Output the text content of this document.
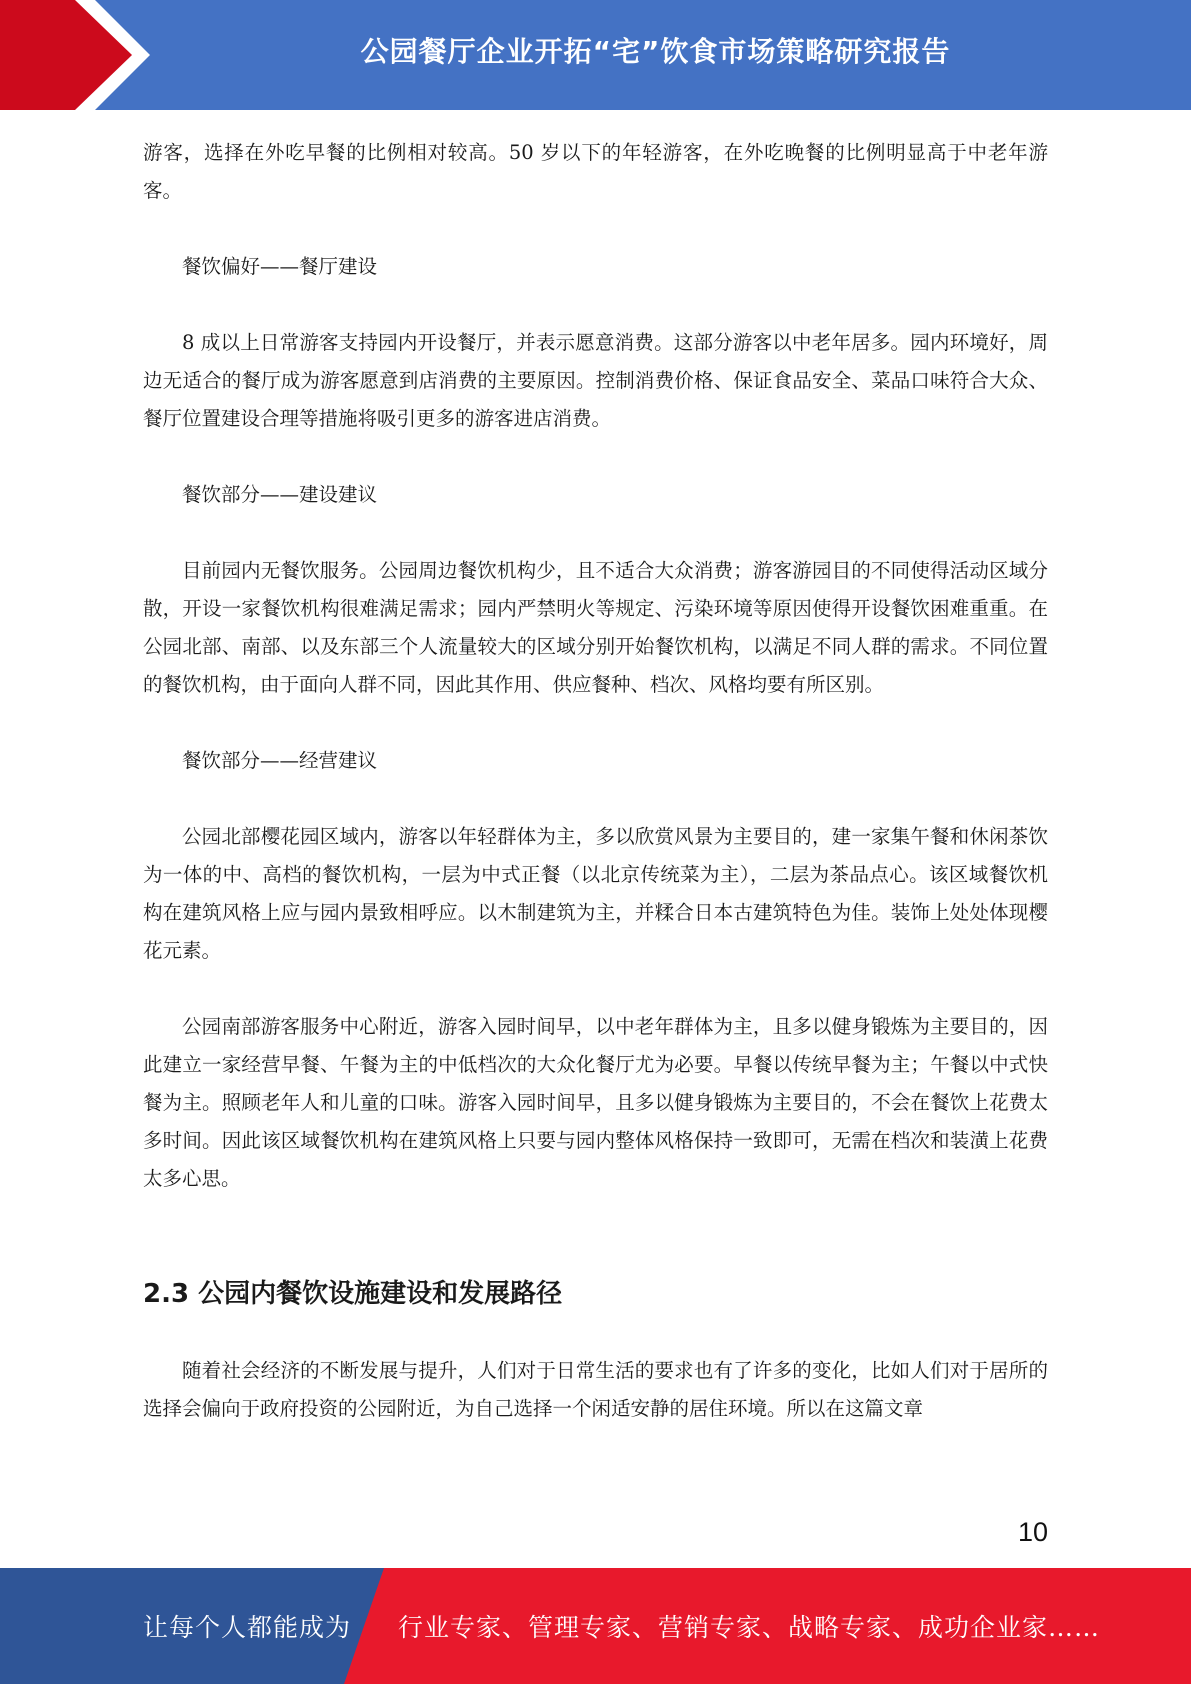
公园餐厅企业开拓“宅”饮食市场策略研究报告

游客，选择在外吃早餐的比例相对较高。50 岁以下的年轻游客，在外吃晚餐的比例明显高于中老年游客。

餐饮偏好——餐厅建设

8 成以上日常游客支持园内开设餐厅，并表示愿意消费。这部分游客以中老年居多。园内环境好，周边无适合的餐厅成为游客愿意到店消费的主要原因。控制消费价格、保证食品安全、菜品口味符合大众、餐厅位置建设合理等措施将吸引更多的游客进店消费。

餐饮部分——建设建议

目前园内无餐饮服务。公园周边餐饮机构少，且不适合大众消费；游客游园目的不同使得活动区域分散，开设一家餐饮机构很难满足需求；园内严禁明火等规定、污染环境等原因使得开设餐饮困难重重。在公园北部、南部、以及东部三个人流量较大的区域分别开始餐饮机构，以满足不同人群的需求。不同位置的餐饮机构，由于面向人群不同，因此其作用、供应餐种、档次、风格均要有所区别。

餐饮部分——经营建议

公园北部樱花园区域内，游客以年轻群体为主，多以欣赏风景为主要目的，建一家集午餐和休闲茶饮为一体的中、高档的餐饮机构，一层为中式正餐（以北京传统菜为主），二层为茶品点心。该区域餐饮机构在建筑风格上应与园内景致相呼应。以木制建筑为主，并糅合日本古建筑特色为佳。装饰上处处体现樱花元素。

公园南部游客服务中心附近，游客入园时间早，以中老年群体为主，且多以健身锻炼为主要目的，因此建立一家经营早餐、午餐为主的中低档次的大众化餐厅尤为必要。早餐以传统早餐为主；午餐以中式快餐为主。照顾老年人和儿童的口味。游客入园时间早，且多以健身锻炼为主要目的，不会在餐饮上花费太多时间。因此该区域餐饮机构在建筑风格上只要与园内整体风格保持一致即可，无需在档次和装潢上花费太多心思。

2.3 公园内餐饮设施建设和发展路径

随着社会经济的不断发展与提升，人们对于日常生活的要求也有了许多的变化，比如人们对于居所的选择会偏向于政府投资的公园附近，为自己选择一个闲适安静的居住环境。所以在这篇文章

10
让每个人都能成为 行业专家、管理专家、营销专家、战略专家、成功企业家……
